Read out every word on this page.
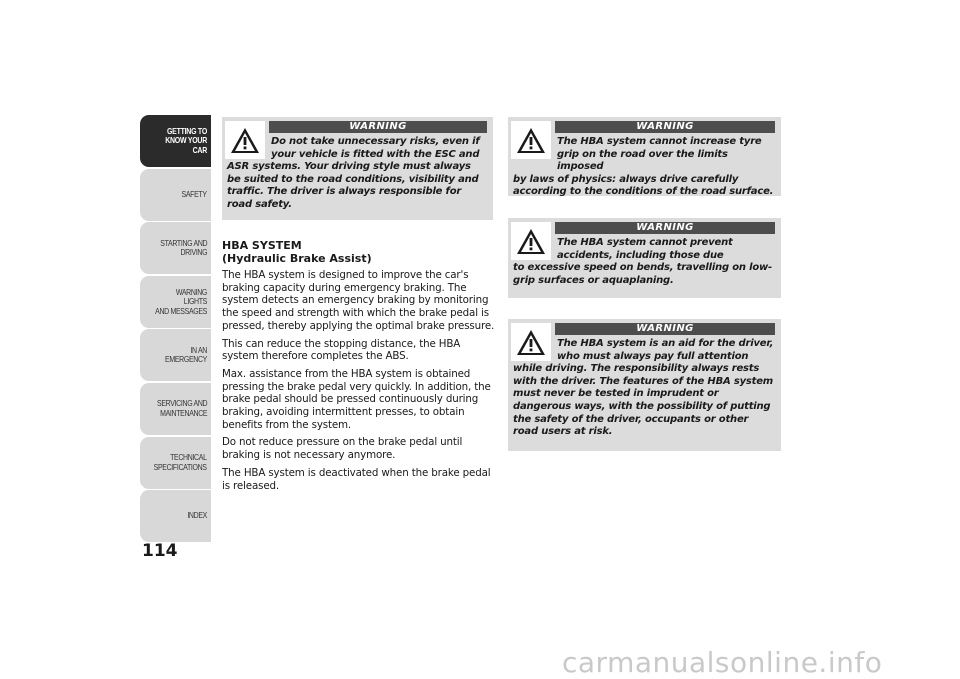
GETTING TO
KNOW YOUR CAR
SAFETY
STARTING AND
DRIVING
WARNING LIGHTS
AND MESSAGES
IN AN EMERGENCY
SERVICING AND
MAINTENANCE
TECHNICAL
SPECIFICATIONS
INDEX
114
WARNING
Do not take unnecessary risks, even if your vehicle is fitted with the ESC and
ASR systems. Your driving style must always be suited to the road conditions, visibility and traffic. The driver is always responsible for road safety.
HBA SYSTEM
(Hydraulic Brake Assist)

The HBA system is designed to improve the car's braking capacity during emergency braking. The system detects an emergency braking by monitoring the speed and strength with which the brake pedal is pressed, thereby applying the optimal brake pressure.

This can reduce the stopping distance, the HBA system therefore completes the ABS.

Max. assistance from the HBA system is obtained pressing the brake pedal very quickly. In addition, the brake pedal should be pressed continuously during braking, avoiding intermittent presses, to obtain benefits from the system.

Do not reduce pressure on the brake pedal until braking is not necessary anymore.

The HBA system is deactivated when the brake pedal is released.

WARNING
The HBA system cannot increase tyre grip on the road over the limits imposed
by laws of physics: always drive carefully according to the conditions of the road surface.
WARNING
The HBA system cannot prevent accidents, including those due
to excessive speed on bends, travelling on low-grip surfaces or aquaplaning.
WARNING
The HBA system is an aid for the driver, who must always pay full attention
while driving. The responsibility always rests with the driver. The features of the HBA system must never be tested in imprudent or dangerous ways, with the possibility of putting the safety of the driver, occupants or other road users at risk.
carmanualsonline.info
